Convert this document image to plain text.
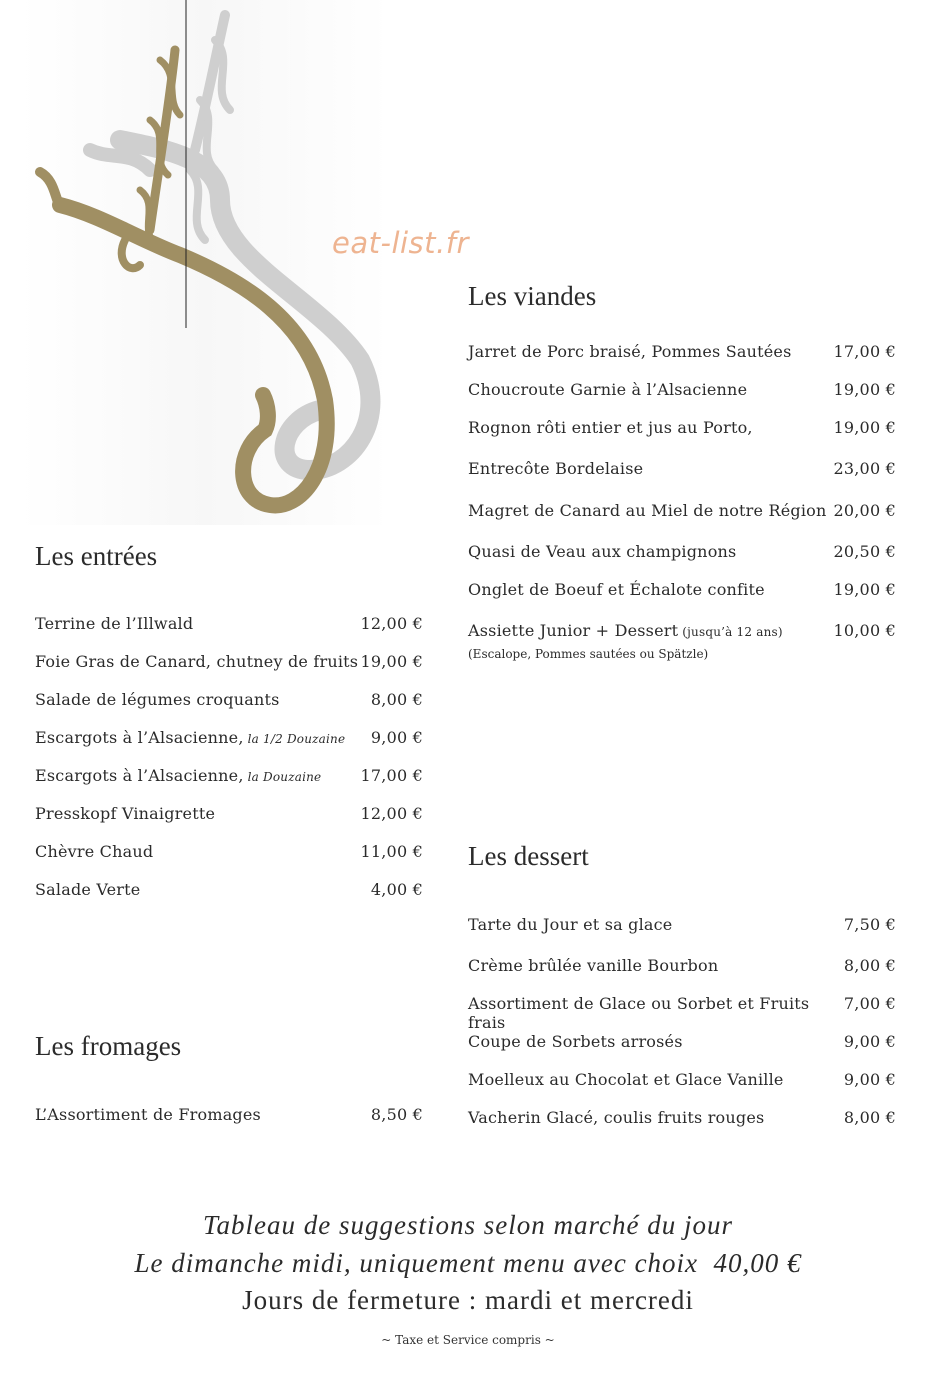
eat-list.fr
Les viandes
Jarret de Porc braisé, Pommes Sautées	17,00 €
Choucroute Garnie à l’Alsacienne	19,00 €
Rognon rôti entier et jus au Porto,	19,00 €
Entrecôte Bordelaise	23,00 €
Magret de Canard au Miel de notre Région 20,00 €
Quasi de Veau aux champignons	20,50 €
Onglet de Boeuf et Échalote confite	19,00 €
Assiette Junior + Dessert (jusqu’à 12 ans)	10,00 €
(Escalope, Pommes sautées ou Spätzle)
Les entrées
Terrine de l’Illwald	12,00 €
Foie Gras de Canard, chutney de fruits 19,00 €
Salade de légumes croquants	8,00 €
Escargots à l’Alsacienne, la 1/2 Douzaine 9,00 €
Escargots à l’Alsacienne, la Douzaine 17,00 €
Presskopf Vinaigrette	12,00 €
Chèvre Chaud	11,00 €
Salade Verte	4,00 €
Les dessert
Tarte du Jour et sa glace	7,50 €
Crème brûlée vanille Bourbon	8,00 €
Assortiment de Glace ou Sorbet et Fruits frais
7,00 €
Coupe de Sorbets arrosés	9,00 €
Moelleux au Chocolat et Glace Vanille	9,00 €
Vacherin Glacé, coulis fruits rouges	8,00 €
Les fromages
L’Assortiment de Fromages	8,50 €
Tableau de suggestions selon marché du jour
Le dimanche midi, uniquement menu avec choix  40,00 €
Jours de fermeture : mardi et mercredi
~ Taxe et Service compris ~
